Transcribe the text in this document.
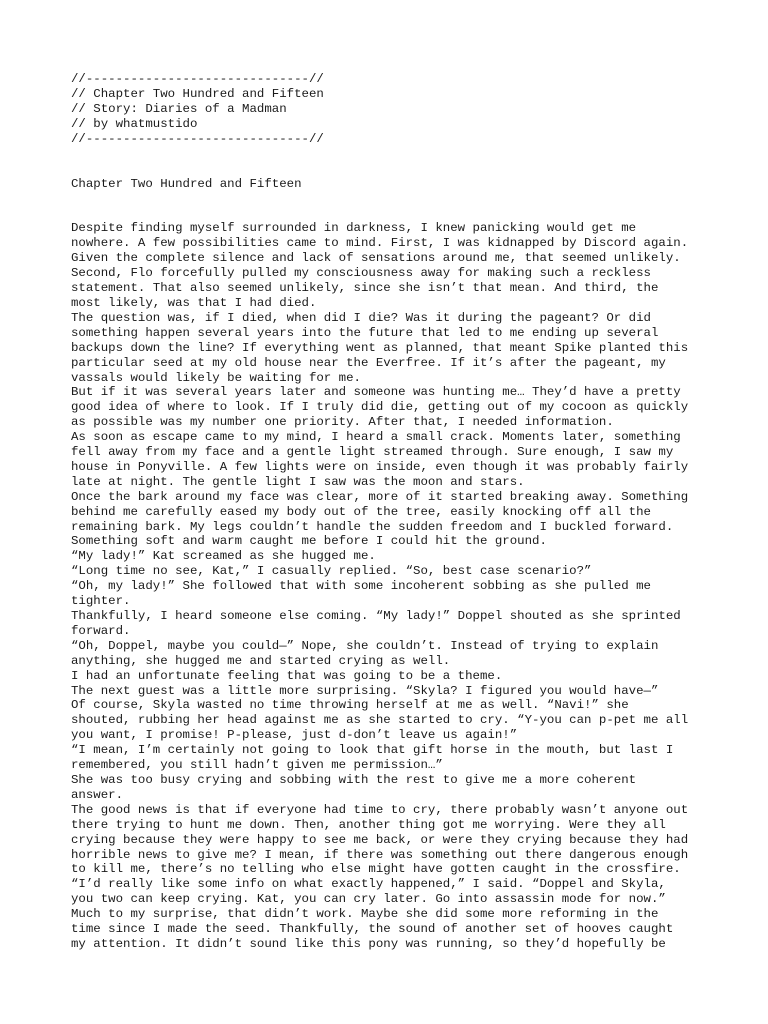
//------------------------------//
// Chapter Two Hundred and Fifteen
// Story: Diaries of a Madman
// by whatmustido
//------------------------------//
Chapter Two Hundred and Fifteen

Despite finding myself surrounded in darkness, I knew panicking would get me
nowhere. A few possibilities came to mind. First, I was kidnapped by Discord again.
Given the complete silence and lack of sensations around me, that seemed unlikely.
Second, Flo forcefully pulled my consciousness away for making such a reckless
statement. That also seemed unlikely, since she isn’t that mean. And third, the
most likely, was that I had died.

The question was, if I died, when did I die? Was it during the pageant? Or did
something happen several years into the future that led to me ending up several
backups down the line? If everything went as planned, that meant Spike planted this
particular seed at my old house near the Everfree. If it’s after the pageant, my
vassals would likely be waiting for me.

But if it was several years later and someone was hunting me… They’d have a pretty
good idea of where to look. If I truly did die, getting out of my cocoon as quickly
as possible was my number one priority. After that, I needed information.

As soon as escape came to my mind, I heard a small crack. Moments later, something
fell away from my face and a gentle light streamed through. Sure enough, I saw my
house in Ponyville. A few lights were on inside, even though it was probably fairly
late at night. The gentle light I saw was the moon and stars.

Once the bark around my face was clear, more of it started breaking away. Something
behind me carefully eased my body out of the tree, easily knocking off all the
remaining bark. My legs couldn’t handle the sudden freedom and I buckled forward.
Something soft and warm caught me before I could hit the ground.

“My lady!” Kat screamed as she hugged me.

“Long time no see, Kat,” I casually replied. “So, best case scenario?”

“Oh, my lady!” She followed that with some incoherent sobbing as she pulled me
tighter.

Thankfully, I heard someone else coming. “My lady!” Doppel shouted as she sprinted
forward.

“Oh, Doppel, maybe you could—” Nope, she couldn’t. Instead of trying to explain
anything, she hugged me and started crying as well.

I had an unfortunate feeling that was going to be a theme.

The next guest was a little more surprising. “Skyla? I figured you would have—”

Of course, Skyla wasted no time throwing herself at me as well. “Navi!” she
shouted, rubbing her head against me as she started to cry. “Y-you can p-pet me all
you want, I promise! P-please, just d-don’t leave us again!”

“I mean, I’m certainly not going to look that gift horse in the mouth, but last I
remembered, you still hadn’t given me permission…”

She was too busy crying and sobbing with the rest to give me a more coherent
answer.

The good news is that if everyone had time to cry, there probably wasn’t anyone out
there trying to hunt me down. Then, another thing got me worrying. Were they all
crying because they were happy to see me back, or were they crying because they had
horrible news to give me? I mean, if there was something out there dangerous enough
to kill me, there’s no telling who else might have gotten caught in the crossfire.

“I’d really like some info on what exactly happened,” I said. “Doppel and Skyla,
you two can keep crying. Kat, you can cry later. Go into assassin mode for now.”

Much to my surprise, that didn’t work. Maybe she did some more reforming in the
time since I made the seed. Thankfully, the sound of another set of hooves caught
my attention. It didn’t sound like this pony was running, so they’d hopefully be
